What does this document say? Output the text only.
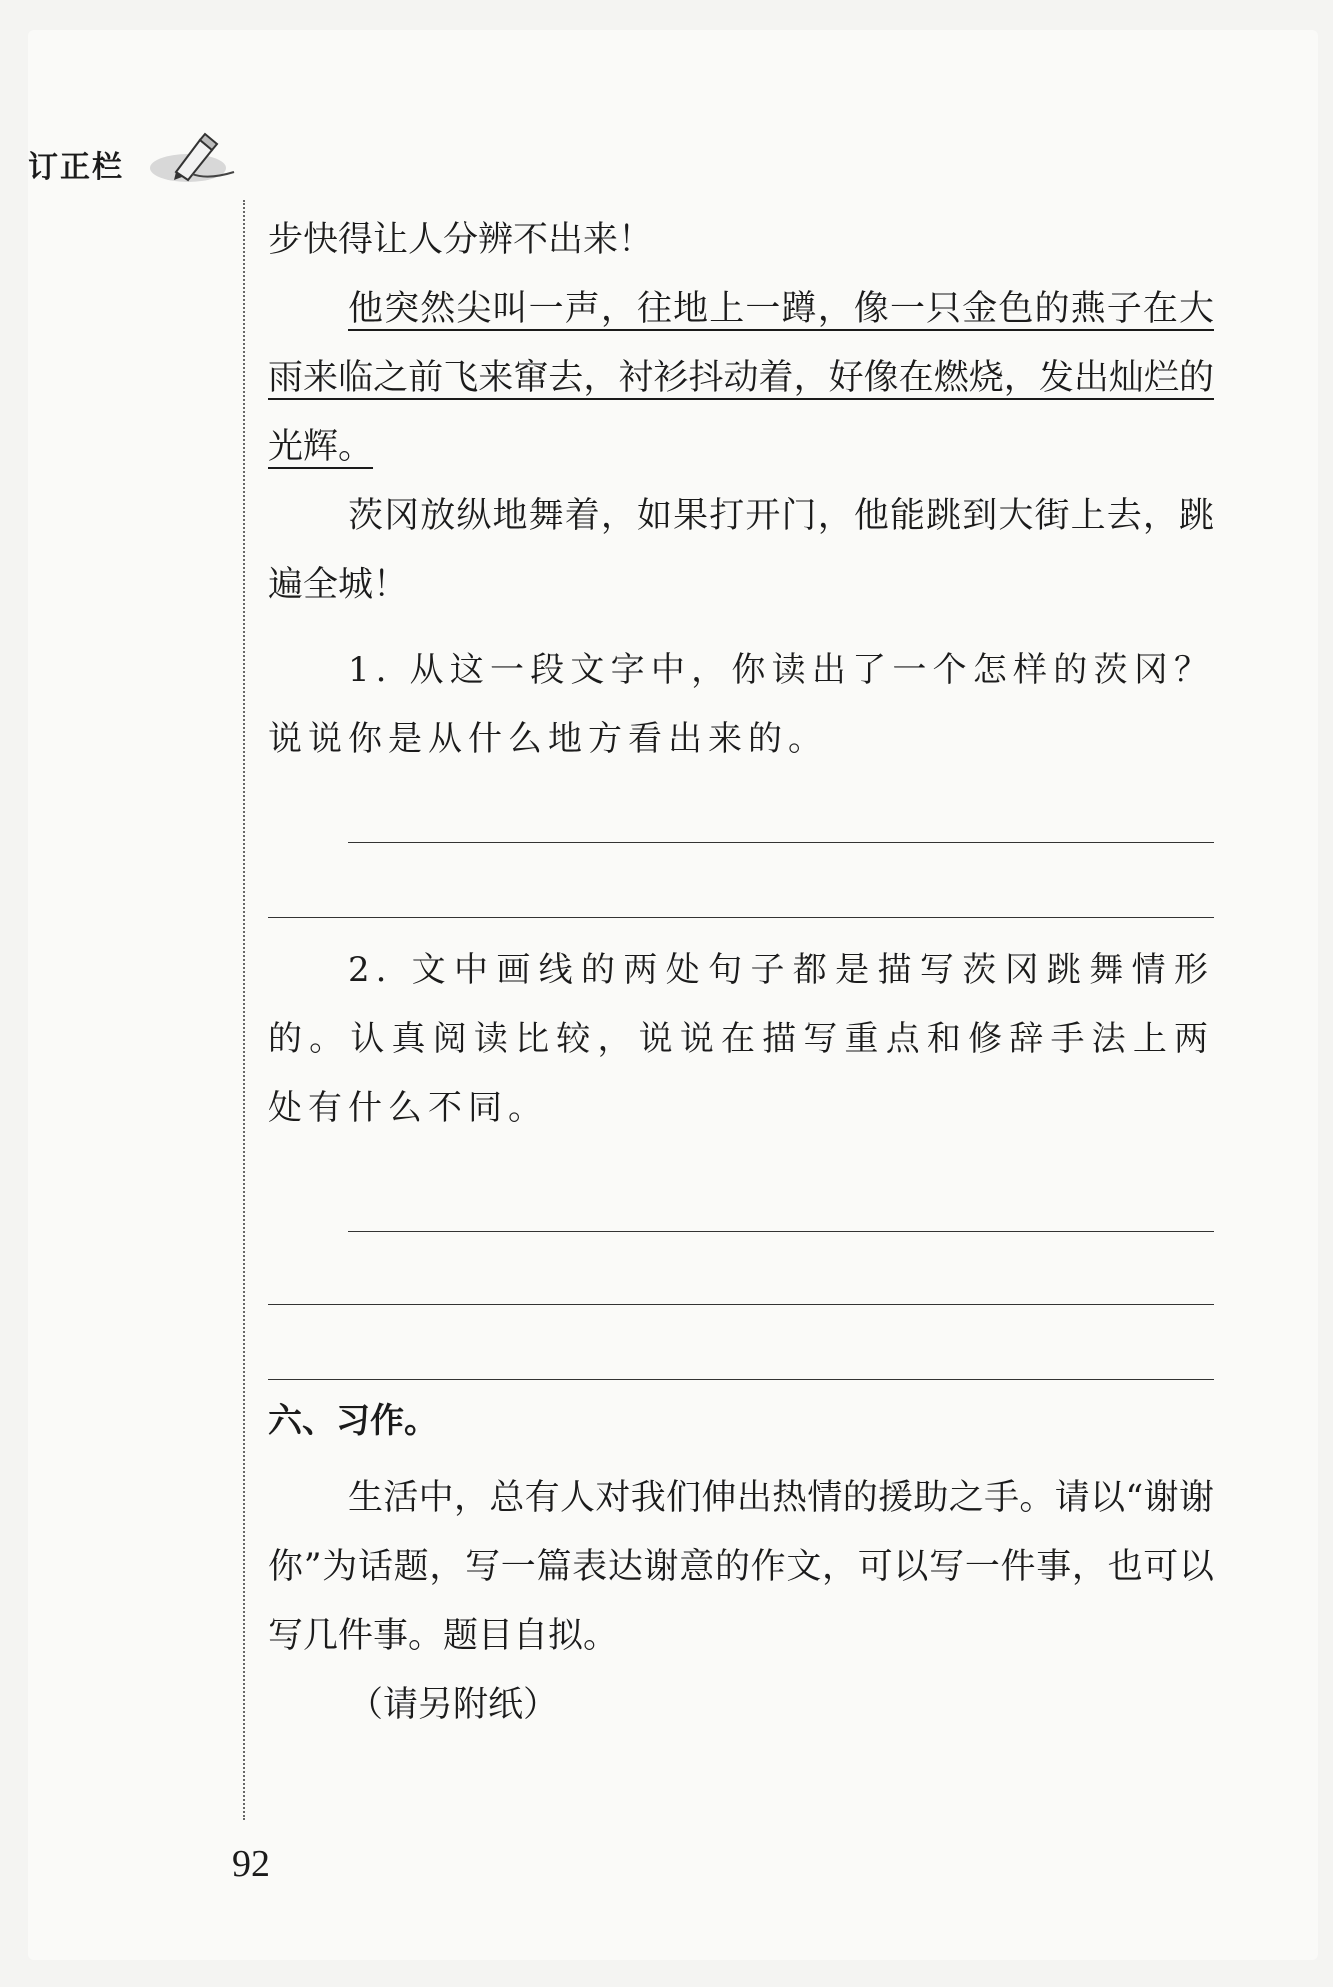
订正栏

步快得让人分辨不出来！

他突然尖叫一声，往地上一蹲，像一只金色的燕子在大雨来临之前飞来窜去，衬衫抖动着，好像在燃烧，发出灿烂的光辉。

茨冈放纵地舞着，如果打开门，他能跳到大街上去，跳遍全城！

1. 从这一段文字中，你读出了一个怎样的茨冈？说说你是从什么地方看出来的。

2. 文中画线的两处句子都是描写茨冈跳舞情形的。认真阅读比较，说说在描写重点和修辞手法上两处有什么不同。

六、习作。

生活中，总有人对我们伸出热情的援助之手。请以“谢谢你”为话题，写一篇表达谢意的作文，可以写一件事，也可以写几件事。题目自拟。

（请另附纸）

92
